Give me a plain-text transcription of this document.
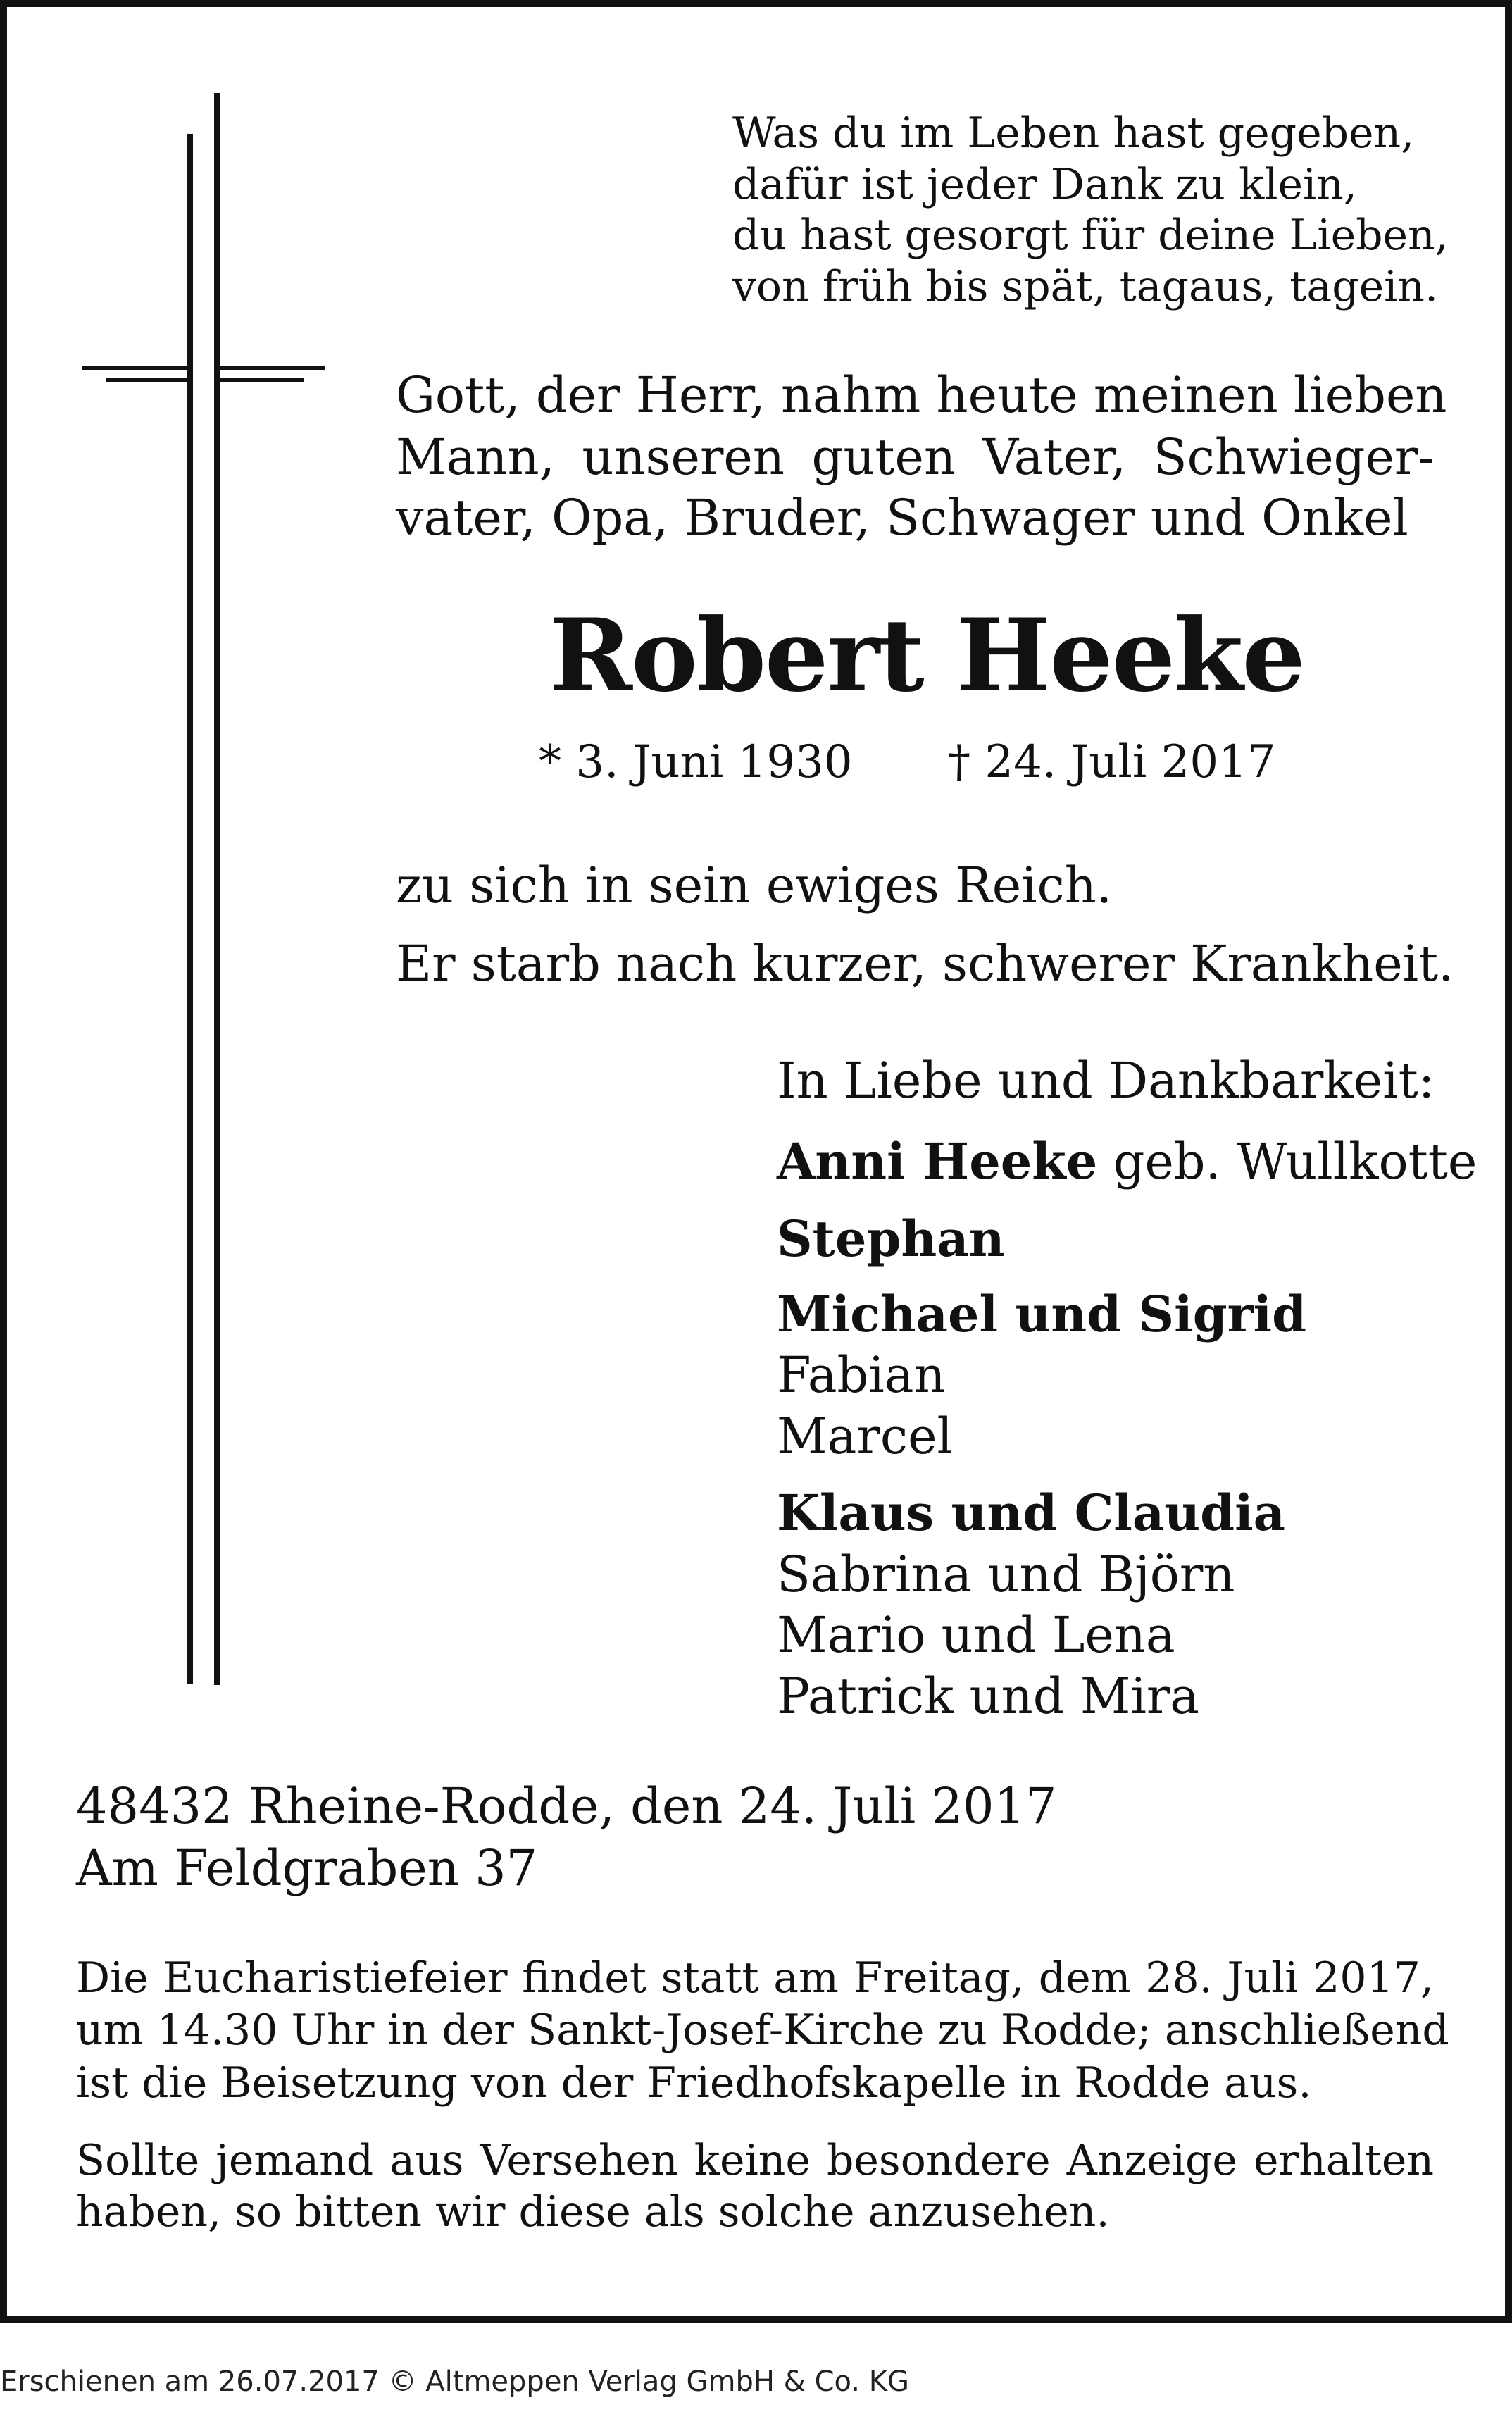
Was du im Leben hast gegeben,
dafür ist jeder Dank zu klein,
du hast gesorgt für deine Lieben,
von früh bis spät, tagaus, tagein.
Gott, der Herr, nahm heute meinen lieben
Mann, unseren guten Vater, Schwieger-
vater, Opa, Bruder, Schwager und Onkel
Robert Heeke
* 3. Juni 1930 † 24. Juli 2017
zu sich in sein ewiges Reich.
Er starb nach kurzer, schwerer Krankheit.
In Liebe und Dankbarkeit:
Anni Heeke geb. Wullkotte
Stephan
Michael und Sigrid
Fabian
Marcel
Klaus und Claudia
Sabrina und Björn
Mario und Lena
Patrick und Mira
48432 Rheine-Rodde, den 24. Juli 2017
Am Feldgraben 37
Die Eucharistiefeier findet statt am Freitag, dem 28. Juli 2017,
um 14.30 Uhr in der Sankt-Josef-Kirche zu Rodde; anschließend
ist die Beisetzung von der Friedhofskapelle in Rodde aus.
Sollte jemand aus Versehen keine besondere Anzeige erhalten
haben, so bitten wir diese als solche anzusehen.
Erschienen am 26.07.2017 © Altmeppen Verlag GmbH & Co. KG
